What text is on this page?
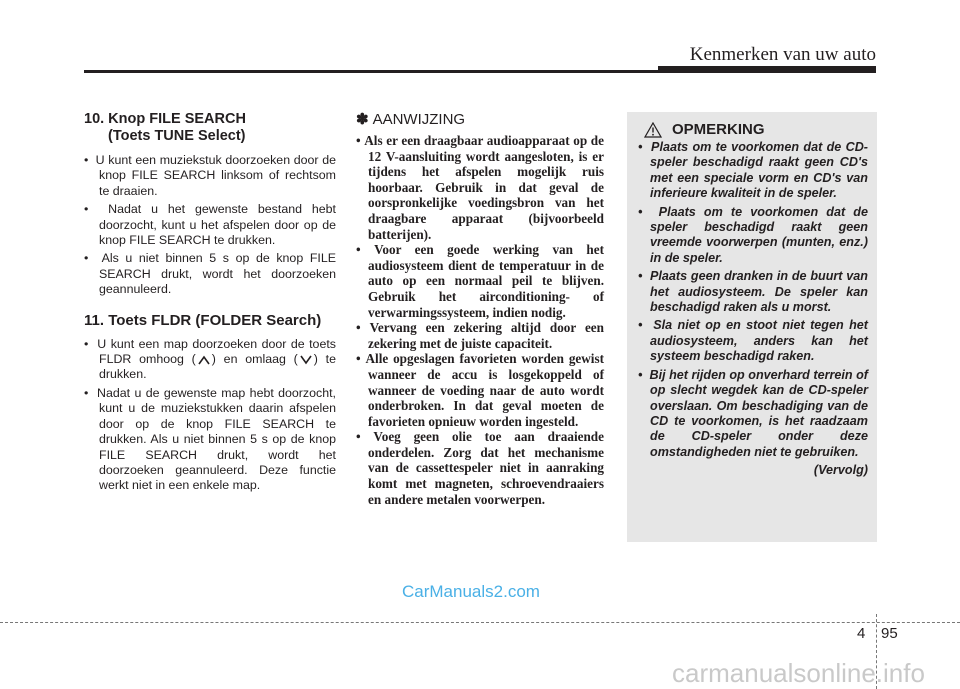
Kenmerken van uw auto
10. Knop FILE SEARCH
(Toets TUNE Select)
•  U kunt een muziekstuk doorzoeken door de knop FILE SEARCH linksom of rechtsom te draaien.
•  Nadat u het gewenste bestand hebt doorzocht, kunt u het afspelen door op de knop FILE SEARCH te drukken.
•  Als u niet binnen 5 s op de knop FILE SEARCH drukt, wordt het doorzoeken geannuleerd.
11. Toets FLDR (FOLDER Search)
•  U kunt een map doorzoeken door de toets FLDR omhoog ( ) en omlaag ( ) te drukken.
•  Nadat u de gewenste map hebt doorzocht, kunt u de muziekstukken daarin afspelen door op de knop FILE SEARCH te drukken. Als u niet binnen 5 s op de knop FILE SEARCH drukt, wordt het doorzoeken geannuleerd. Deze functie werkt niet in een enkele map.
✽ AANWIJZING
• Als er een draagbaar audioapparaat op de 12 V-aansluiting wordt aangesloten, is er tijdens het afspelen mogelijk ruis hoorbaar. Gebruik in dat geval de oorspronkelijke voedingsbron van het draagbare apparaat (bijvoorbeeld batterijen).
• Voor een goede werking van het audiosysteem dient de temperatuur in de auto op een normaal peil te blijven. Gebruik het airconditioning- of verwarmingssysteem, indien nodig.
• Vervang een zekering altijd door een zekering met de juiste capaciteit.
• Alle opgeslagen favorieten worden gewist wanneer de accu is losgekoppeld of wanneer de voeding naar de auto wordt onderbroken. In dat geval moeten de favorieten opnieuw worden ingesteld.
• Voeg geen olie toe aan draaiende onderdelen. Zorg dat het mechanisme van de cassettespeler niet in aanraking komt met magneten, schroevendraaiers en andere metalen voorwerpen.
OPMERKING
•  Plaats om te voorkomen dat de CD-speler beschadigd raakt geen CD's met een speciale vorm en CD's van inferieure kwaliteit in de speler.
•  Plaats om te voorkomen dat de speler beschadigd raakt geen vreemde voorwerpen (munten, enz.) in de speler.
•  Plaats geen dranken in de buurt van het audiosysteem. De speler kan beschadigd raken als u morst.
•  Sla niet op en stoot niet tegen het audiosysteem, anders kan het systeem beschadigd raken.
•  Bij het rijden op onverhard terrein of op slecht wegdek kan de CD-speler overslaan. Om beschadiging van de CD te voorkomen, is het raadzaam de CD-speler onder deze omstandigheden niet te gebruiken.
(Vervolg)
CarManuals2.com
4 95
carmanualsonline.info
